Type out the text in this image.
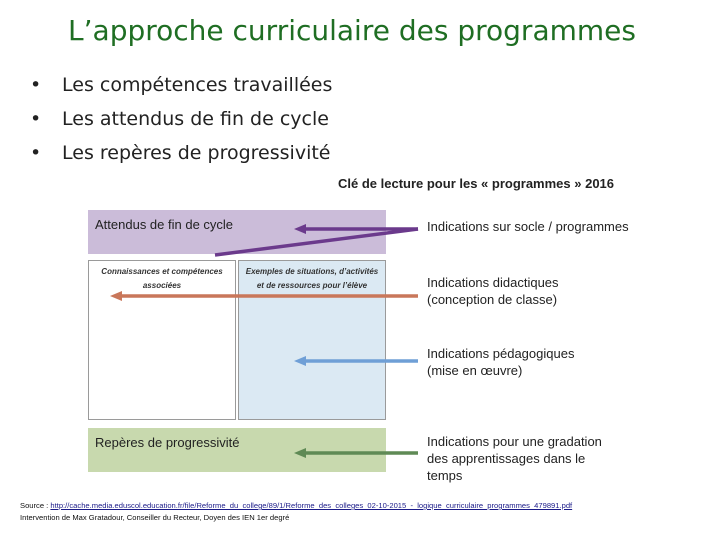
L’approche curriculaire des programmes
• Les compétences travaillées
• Les attendus de fin de cycle
• Les repères de progressivité
Clé de lecture pour les « programmes » 2016
Attendus de fin de cycle
Connaissances et compétences associées
Exemples de situations, d’activités et de ressources pour l’élève
Repères de progressivité
Indications sur socle / programmes
Indications didactiques (conception de classe)
Indications pédagogiques (mise en œuvre)
Indications pour une gradation des apprentissages dans le temps
Source : http://cache.media.eduscol.education.fr/file/Reforme_du_college/89/1/Reforme_des_colleges_02-10-2015_-_logique_curriculaire_programmes_479891.pdf
Intervention de Max Gratadour, Conseiller du Recteur, Doyen des IEN 1er degré
